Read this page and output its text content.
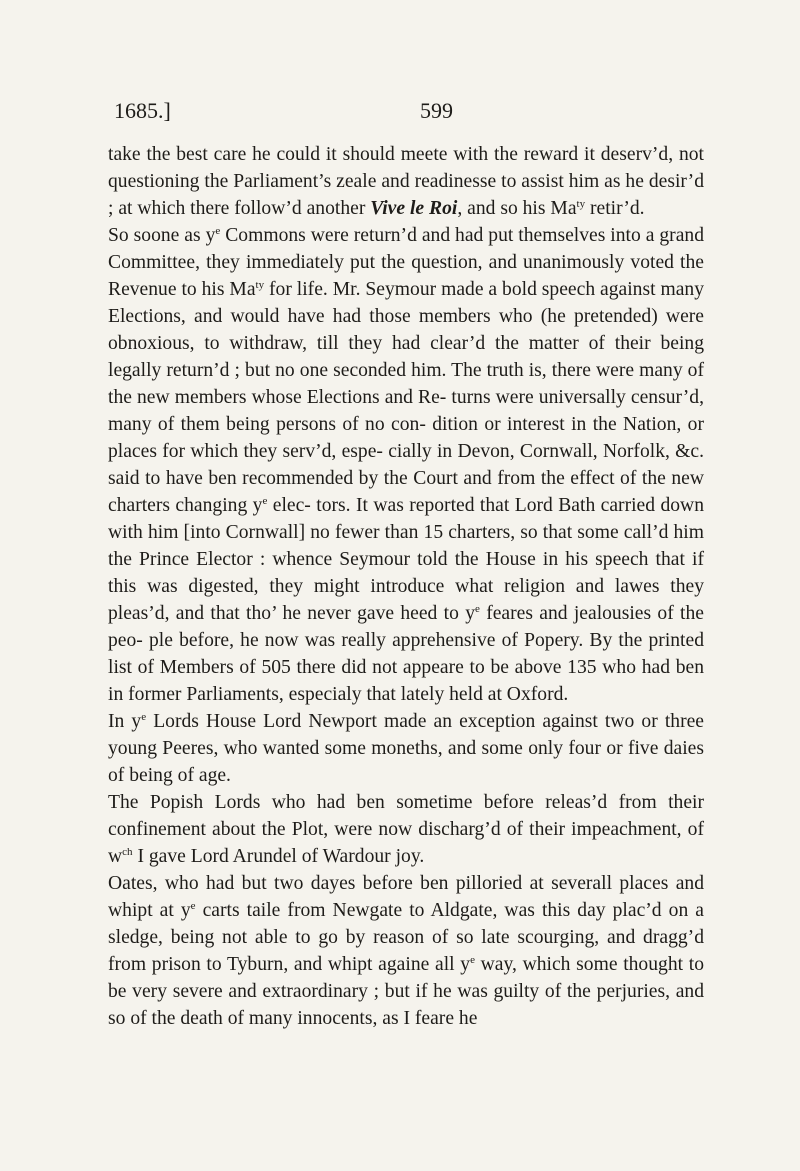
1685.]	599

take the best care he could it should meete with the reward it deserv’d, not questioning the Parliament’s zeale and readinesse to assist him as he desir’d ; at which there follow’d another Vive le Roi, and so his $Ma^{ty}$ retir’d.

So soone as $y^e$ Commons were return’d and had put themselves into a grand Committee, they immediately put the question, and unanimously voted the Revenue to his $Ma^{ty}$ for life. Mr. Seymour made a bold speech against many Elections, and would have had those members who (he pretended) were obnoxious, to withdraw, till they had clear’d the matter of their being legally return’d ; but no one seconded him. The truth is, there were many of the new members whose Elections and Re- turns were universally censur’d, many of them being persons of no con- dition or interest in the Nation, or places for which they serv’d, espe- cially in Devon, Cornwall, Norfolk, &c. said to have ben recommended by the Court and from the effect of the new charters changing $y^e$ elec- tors. It was reported that Lord Bath carried down with him [into Cornwall] no fewer than 15 charters, so that some call’d him the Prince Elector : whence Seymour told the House in his speech that if this was digested, they might introduce what religion and lawes they pleas’d, and that tho’ he never gave heed to $y^e$ feares and jealousies of the peo- ple before, he now was really apprehensive of Popery. By the printed list of Members of 505 there did not appeare to be above 135 who had ben in former Parliaments, especialy that lately held at Oxford.

In $y^e$ Lords House Lord Newport made an exception against two or three young Peeres, who wanted some moneths, and some only four or five daies of being of age.

The Popish Lords who had ben sometime before releas’d from their confinement about the Plot, were now discharg’d of their impeachment, of $w^{ch}$ I gave Lord Arundel of Wardour joy.

Oates, who had but two dayes before ben pilloried at severall places and whipt at $y^e$ carts taile from Newgate to Aldgate, was this day plac’d on a sledge, being not able to go by reason of so late scourging, and dragg’d from prison to Tyburn, and whipt againe all $y^e$ way, which some thought to be very severe and extraordinary ; but if he was guilty of the perjuries, and so of the death of many innocents, as I feare he
